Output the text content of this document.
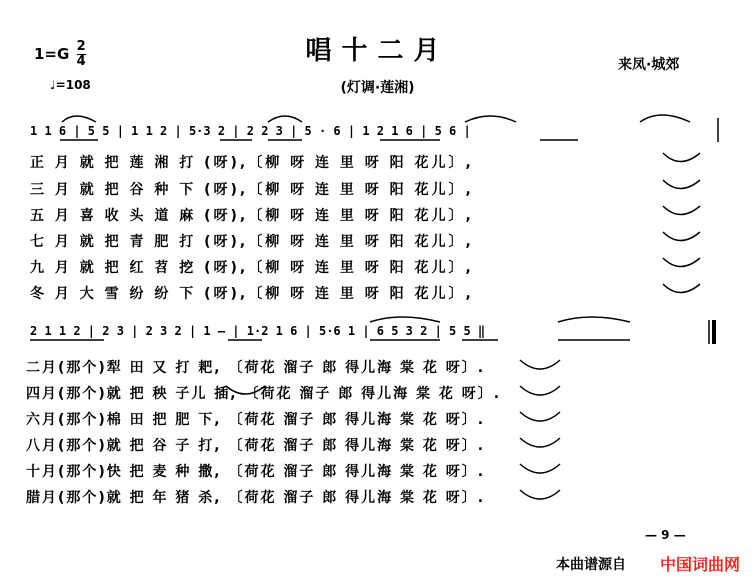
唱十二月
(灯调·莲湘)
来凤·城郊
$1=G \frac{2}{4}$
♩=108
1 1 6 | 5 5 | 1 1 2 | 5·3 2 | 2 2 3 | 5 · 6 | 1 2 1 6 | 5 6 |
正 月 就 把 莲 湘 打 (呀),〔柳 呀 连 里 呀 阳 花儿〕,
三 月 就 把 谷 种 下 (呀),〔柳 呀 连 里 呀 阳 花儿〕,
五 月 喜 收 头 道 麻 (呀),〔柳 呀 连 里 呀 阳 花儿〕,
七 月 就 把 青 肥 打 (呀),〔柳 呀 连 里 呀 阳 花儿〕,
九 月 就 把 红 苕 挖 (呀),〔柳 呀 连 里 呀 阳 花儿〕,
冬 月 大 雪 纷 纷 下 (呀),〔柳 呀 连 里 呀 阳 花儿〕,
2 1 1 2 | 2 3 | 2 3 2 | 1 — | 1·2 1 6 | 5·6 1 | 6 5 3 2 | 5 5 ‖
二月(那个)犁 田 又 打 耙, 〔荷花 溜子 郎 得儿海 棠 花 呀〕.
四月(那个)就 把 秧 子儿 插, 〔荷花 溜子 郎 得儿海 棠 花 呀〕.
六月(那个)棉 田 把 肥 下, 〔荷花 溜子 郎 得儿海 棠 花 呀〕.
八月(那个)就 把 谷 子 打, 〔荷花 溜子 郎 得儿海 棠 花 呀〕.
十月(那个)快 把 麦 种 撒, 〔荷花 溜子 郎 得儿海 棠 花 呀〕.
腊月(那个)就 把 年 猪 杀, 〔荷花 溜子 郎 得儿海 棠 花 呀〕.
— 9 —
本曲谱源自 中国词曲网
